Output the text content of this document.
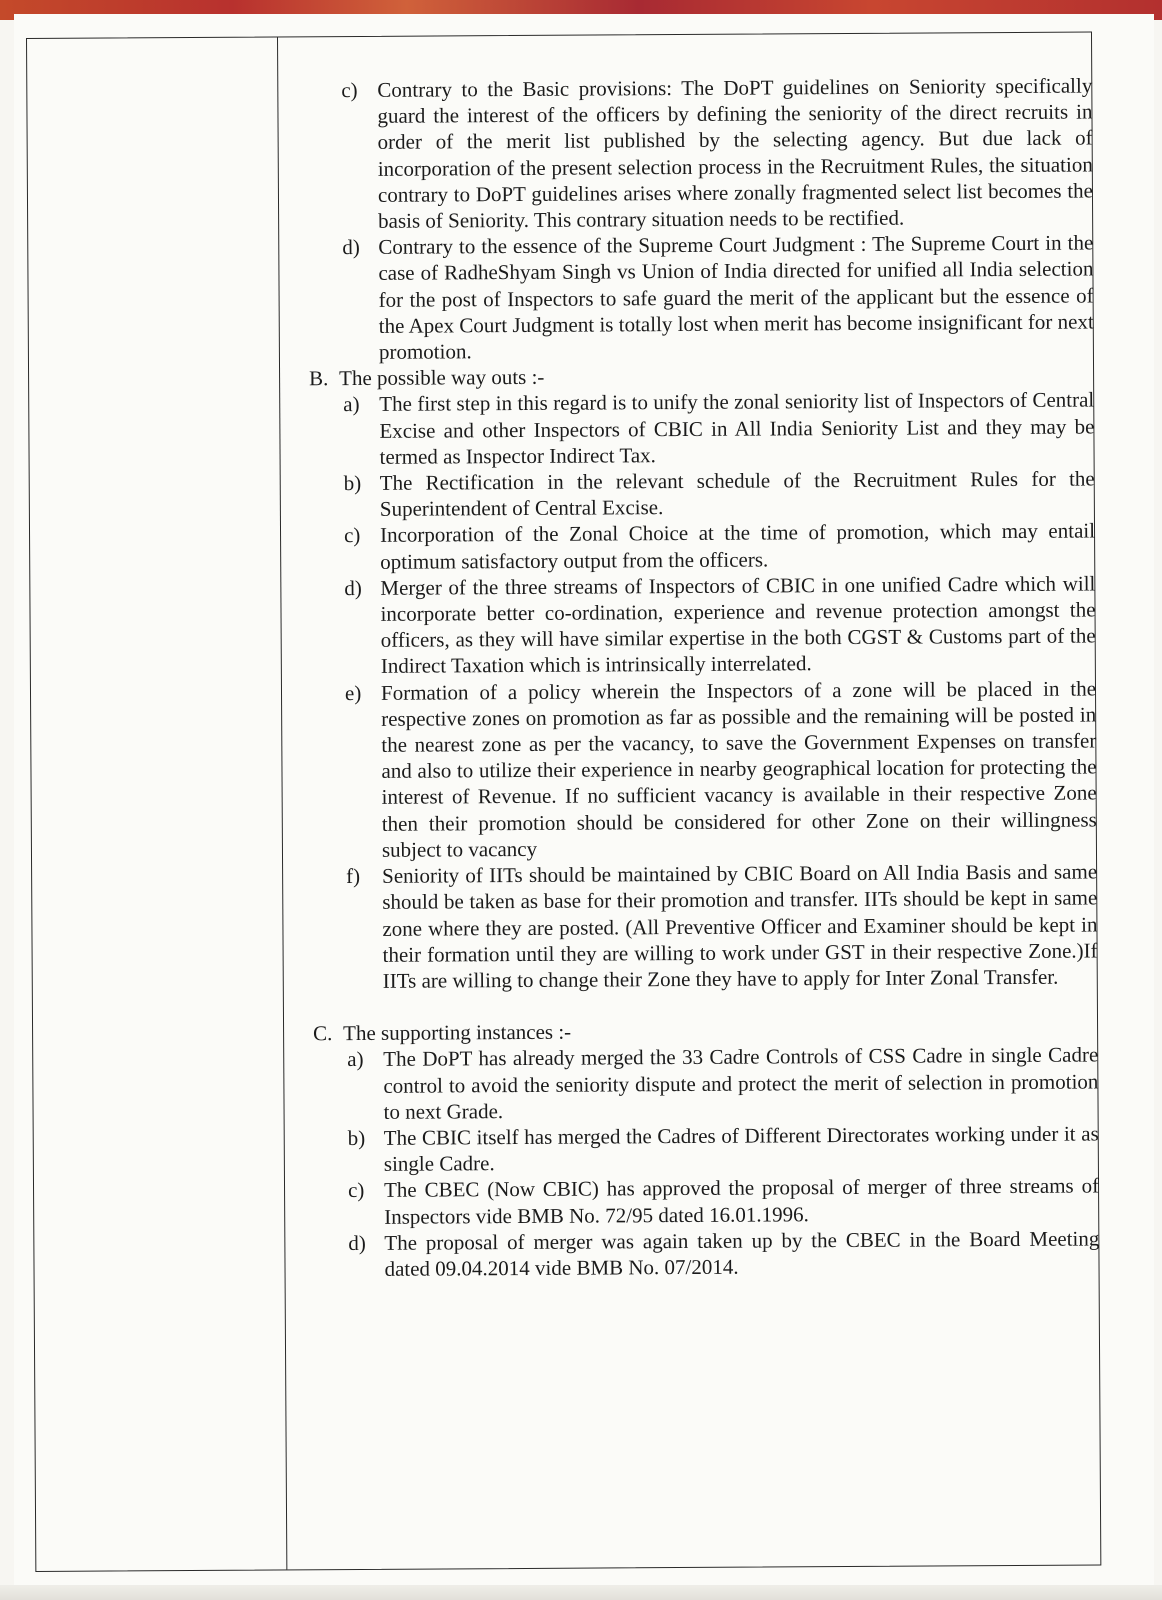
c) Contrary to the Basic provisions: The DoPT guidelines on Seniority specifically guard the interest of the officers by defining the seniority of the direct recruits in order of the merit list published by the selecting agency. But due lack of incorporation of the present selection process in the Recruitment Rules, the situation contrary to DoPT guidelines arises where zonally fragmented select list becomes the basis of Seniority. This contrary situation needs to be rectified.
d) Contrary to the essence of the Supreme Court Judgment : The Supreme Court in the case of RadheShyam Singh vs Union of India directed for unified all India selection for the post of Inspectors to safe guard the merit of the applicant but the essence of the Apex Court Judgment is totally lost when merit has become insignificant for next promotion.

B. The possible way outs :-

a) The first step in this regard is to unify the zonal seniority list of Inspectors of Central Excise and other Inspectors of CBIC in All India Seniority List and they may be termed as Inspector Indirect Tax.
b) The Rectification in the relevant schedule of the Recruitment Rules for the Superintendent of Central Excise.
c) Incorporation of the Zonal Choice at the time of promotion, which may entail optimum satisfactory output from the officers.
d) Merger of the three streams of Inspectors of CBIC in one unified Cadre which will incorporate better co-ordination, experience and revenue protection amongst the officers, as they will have similar expertise in the both CGST & Customs part of the Indirect Taxation which is intrinsically interrelated.
e) Formation of a policy wherein the Inspectors of a zone will be placed in the respective zones on promotion as far as possible and the remaining will be posted in the nearest zone as per the vacancy, to save the Government Expenses on transfer and also to utilize their experience in nearby geographical location for protecting the interest of Revenue. If no sufficient vacancy is available in their respective Zone then their promotion should be considered for other Zone on their willingness subject to vacancy
f)	Seniority of IITs should be maintained by CBIC Board on All India Basis and same should be taken as base for their promotion and transfer. IITs should be kept in same zone where they are posted. (All Preventive Officer and Examiner should be kept in their formation until they are willing to work under GST in their respective Zone.)If IITs are willing to change their Zone they have to apply for Inter Zonal Transfer.

C. The supporting instances :-

a) The DoPT has already merged the 33 Cadre Controls of CSS Cadre in single Cadre control to avoid the seniority dispute and protect the merit of selection in promotion to next Grade.
b) The CBIC itself has merged the Cadres of Different Directorates working under it as single Cadre.
c) The CBEC (Now CBIC) has approved the proposal of merger of three streams of Inspectors vide BMB No. 72/95 dated 16.01.1996.
d) The proposal of merger was again taken up by the CBEC in the Board Meeting dated 09.04.2014 vide BMB No. 07/2014.
